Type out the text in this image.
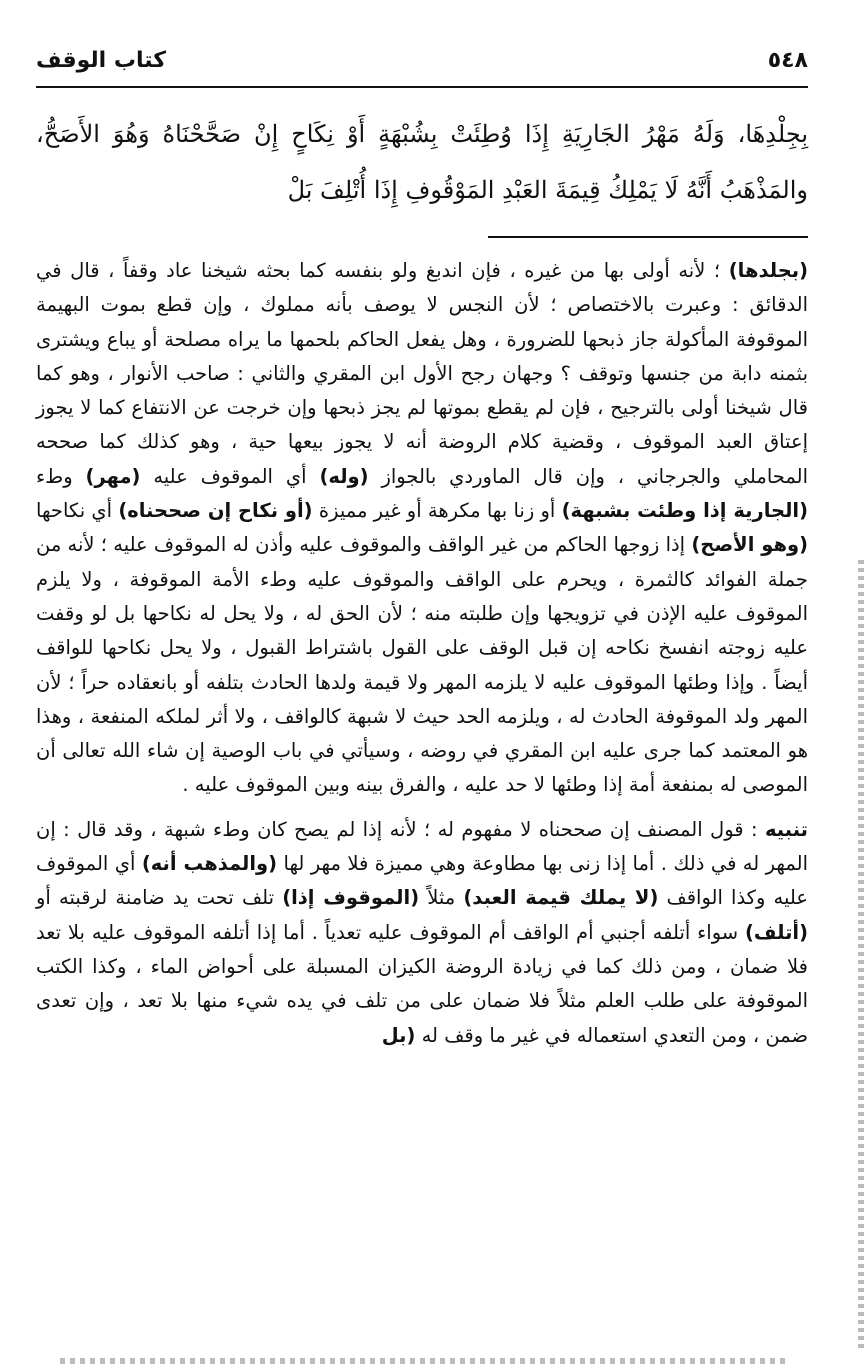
٥٤٨
كتاب الوقف

بِجِلْدِهَا، وَلَهُ مَهْرُ الجَارِيَةِ إِذَا وُطِئَتْ بِشُبْهَةٍ أَوْ نِكَاحٍ إِنْ صَحَّحْنَاهُ وَهُوَ الأَصَحُّ، والمَذْهَبُ أَنَّهُ لَا يَمْلِكُ قِيمَةَ العَبْدِ المَوْقُوفِ إِذَا أُتْلِفَ بَلْ

(بجلدها) ؛ لأنه أولى بها من غيره ، فإن اندبغ ولو بنفسه كما بحثه شيخنا عاد وقفاً ، قال في الدقائق : وعبرت بالاختصاص ؛ لأن النجس لا يوصف بأنه مملوك ، وإن قطع بموت البهيمة الموقوفة المأكولة جاز ذبحها للضرورة ، وهل يفعل الحاكم بلحمها ما يراه مصلحة أو يباع ويشترى بثمنه دابة من جنسها وتوقف ؟ وجهان رجح الأول ابن المقري والثاني : صاحب الأنوار ، وهو كما قال شيخنا أولى بالترجيح ، فإن لم يقطع بموتها لم يجز ذبحها وإن خرجت عن الانتفاع كما لا يجوز إعتاق العبد الموقوف ، وقضية كلام الروضة أنه لا يجوز بيعها حية ، وهو كذلك كما صححه المحاملي والجرجاني ، وإن قال الماوردي بالجواز (وله) أي الموقوف عليه (مهر) وطء (الجارية إذا وطئت بشبهة) أو زنا بها مكرهة أو غير مميزة (أو نكاح إن صححناه) أي نكاحها (وهو الأصح) إذا زوجها الحاكم من غير الواقف والموقوف عليه وأذن له الموقوف عليه ؛ لأنه من جملة الفوائد كالثمرة ، ويحرم على الواقف والموقوف عليه وطء الأمة الموقوفة ، ولا يلزم الموقوف عليه الإذن في تزويجها وإن طلبته منه ؛ لأن الحق له ، ولا يحل له نكاحها بل لو وقفت عليه زوجته انفسخ نكاحه إن قبل الوقف على القول باشتراط القبول ، ولا يحل نكاحها للواقف أيضاً . وإذا وطئها الموقوف عليه لا يلزمه المهر ولا قيمة ولدها الحادث بتلفه أو بانعقاده حراً ؛ لأن المهر ولد الموقوفة الحادث له ، ويلزمه الحد حيث لا شبهة كالواقف ، ولا أثر لملكه المنفعة ، وهذا هو المعتمد كما جرى عليه ابن المقري في روضه ، وسيأتي في باب الوصية إن شاء الله تعالى أن الموصى له بمنفعة أمة إذا وطئها لا حد عليه ، والفرق بينه وبين الموقوف عليه .

تنبيه : قول المصنف إن صححناه لا مفهوم له ؛ لأنه إذا لم يصح كان وطء شبهة ، وقد قال : إن المهر له في ذلك . أما إذا زنى بها مطاوعة وهي مميزة فلا مهر لها (والمذهب أنه) أي الموقوف عليه وكذا الواقف (لا يملك قيمة العبد) مثلاً (الموقوف إذا) تلف تحت يد ضامنة لرقبته أو (أتلف) سواء أتلفه أجنبي أم الواقف أم الموقوف عليه تعدياً . أما إذا أتلفه الموقوف عليه بلا تعد فلا ضمان ، ومن ذلك كما في زيادة الروضة الكيزان المسبلة على أحواض الماء ، وكذا الكتب الموقوفة على طلب العلم مثلاً فلا ضمان على من تلف في يده شيء منها بلا تعد ، وإن تعدى ضمن ، ومن التعدي استعماله في غير ما وقف له (بل
